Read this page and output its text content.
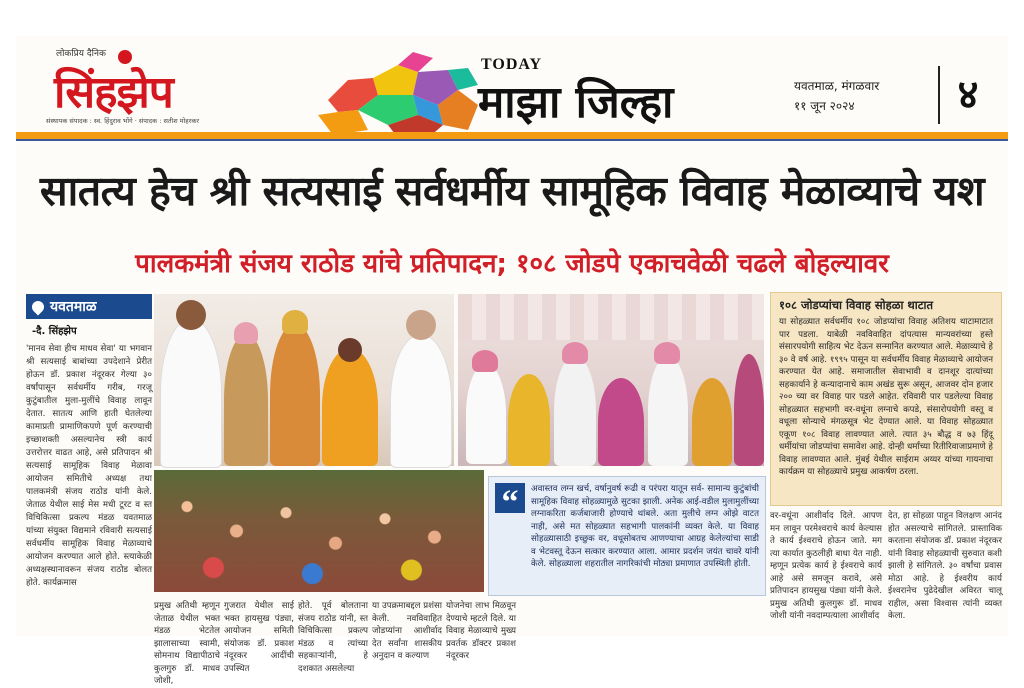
लोकप्रिय दैनिक
सिंहझेप
संस्थापक संपादक : स्व. हिंदुराव भोंगे · संपादक : सतीश मोहरकर
TODAY
माझा जिल्हा	यवतमाळ, मंगळवार
११ जून २०२४	४
सातत्य हेच श्री सत्यसाई सर्वधर्मीय सामूहिक विवाह मेळाव्याचे यश
पालकमंत्री संजय राठोड यांचे प्रतिपादन; १०८ जोडपे एकाचवेळी चढले बोहल्यावर
यवतमाळ
-दै. सिंहझेप
'मानव सेवा हीच माधव सेवा' या भगवान श्री सत्यसाई बाबांच्या उपदेशाने प्रेरीत होऊन डॉ. प्रकाश नंदूरकर गेल्या ३० वर्षांपासून सर्वधर्मीय गरीब, गरजू कुटुंबातील मुला-मुलींचे विवाह लावून देतात. सातत्य आणि हाती घेतलेल्या कामाप्रती प्रामाणिकपणे पूर्ण करण्याची इच्छाशक्ती असल्यानेच स्त्री कार्य उत्तरोत्तर वाढत आहे, असे प्रतिपादन श्री सत्यसाई सामूहिक विवाह मेळावा आयोजन समितीचे अध्यक्ष तथा पालकमंत्री संजय राठोड यांनी केले. जेताळ येथील साई मेस मधी टूरट व स्त विचिकित्सा प्रकल्प मंडळ यवतमाळ यांच्या संयुक्त विद्यमाने रविवारी सत्यसाई सर्वधर्मीय सामूहिक विवाह मेळाव्याचे आयोजन करण्यात आले होते. स्त्याकेळी अध्यक्षस्थानावरून संजय राठोड बोलत होते. कार्यक्रमास
“	अवास्तव लग्न खर्च, वर्षानुवर्ष रूढी व परंपरा यातून सर्व- सामान्य कुटुंबांची सामूहिक विवाह सोहळ्यामुळे सुटका झाली. अनेक आई-वडील मुलामुलींच्या लग्नाकरिता कर्जबाजारी होण्याचे थांबले. अता मुलीचे लग्न ओझे वाटत नाही, असे मत सोहळ्यात सहभागी पालकांनी व्यक्त केले. या विवाह सोहळ्यासाठी इच्छुक वर, वधूसोबतच आणण्याचा आग्रह केलेल्यांचा साडी व भेटवस्तू देऊन सत्कार करण्यात आला. आमार प्रदर्शन जयंत चावरे यांनी केले. सोहळ्याला शहरातील नागरिकांची मोठ्या प्रमाणात उपस्थिती होती.
१०८ जोडप्यांचा विवाह सोहळा थाटात
या सोहळ्यात सर्वधर्मीय १०८ जोडप्यांचा विवाह अतिशय थाटामाटात पार पडला. याबेळी नवविवाहित दांपत्यास मान्यवरांच्या हस्ते संसारपयोगी साहित्य भेट देऊन सन्मानित करण्यात आले. मेळाव्याचे हे ३० वे वर्ष आहे. १९९५ पासून या सर्वधर्मीय विवाह मेळाव्याचे आयोजन करण्यात येत आहे. समाजातील सेवाभावी व दानशूर दात्यांच्या सहकार्याने हे कन्यादानाचे काम अखंड सुरू असून, आजवर दोन हजार २०० च्या वर विवाह पार पडले आहेत. रविवारी पार पडलेल्या विवाह सोहळ्यात सहभागी वर-वधूंना लग्नाचे कपडे, संसारोपयोगी वस्तू व वधूला सोन्याचे मंगळसूत्र भेट देण्यात आले. या विवाह सोहळ्यात एकूण १०८ विवाह लावण्यात आले. त्यात ३५ बौद्ध व ७३ हिंदू धर्मीयांचा जोडप्यांचा समावेश आहे. दोन्ही धर्मांच्या रितीरिवाजाप्रमाणे हे विवाह लावण्यात आले. मुंबई येथील साईराम अय्यर यांच्या गायनाचा कार्यक्रम या सोहळ्याचे प्रमुख आकर्षण ठरला.
वर-वधूंना आशीर्वाद दिले. आपण मन लावून परमेश्वराचे कार्य केल्यास ते कार्य ईश्वराचे होऊन जाते. मग त्या कार्यात कुठलीही बाधा येत नाही. म्हणून प्रत्येक कार्य हे ईश्वराचे कार्य आहे असे समजून करावे, असे प्रतिपादन हायसुख पंड्या यांनी केले. प्रमुख अतिथी कुलगुरू डॉ. माधव जोशी यांनी नवदाम्पत्याला आशीर्वाद
देत, हा सोहळा पाहून विलक्षण आनंद होत असल्याचे सांगितले. प्रास्ताविक करताना संयोजक डॉ. प्रकाश नंदूरकर यांनी विवाह सोहळ्याची सुरुवात कशी झाली हे सांगितले. ३० वर्षांचा प्रवास मोठा आहे. हे ईश्वरीय कार्य ईश्वरानेच पुढेदेखील अविरत चालू राहील, असा विश्वास त्यांनी व्यक्त केला.
प्रमुख अतिथी म्हणून जेताळ येथील भक्त मंडळ भेटतेल झालासाच्या स्वामी, सोमनाथ विद्यापीठाचे कुलगुरु डॉ. माधव जोशी,
गुजरात येथील साई भक्त हायसुख पंड्या, आयोजन समिती संयोजक डॉ. प्रकाश नंदूरकर आदींची उपस्थित
होते. पूर्व बोलताना संजय राठोड यांनी, स्त विचिकित्सा प्रकल्प मंडळ व त्यांच्या सहकाऱ्यांनी, हे दशकात असलेल्या
या उपक्रमाबद्दल प्रशंसा केली. नवविवाहित जोडप्यांना आशीर्वाद देत सर्वांना शासकीय अनुदान व कल्याण
योजनेचा लाभ मिळवून देण्याचे म्हटले दिले. या विवाह मेळाव्याचे मुख्य प्रवर्तक डॉक्टर प्रकाश नंदूरकर
